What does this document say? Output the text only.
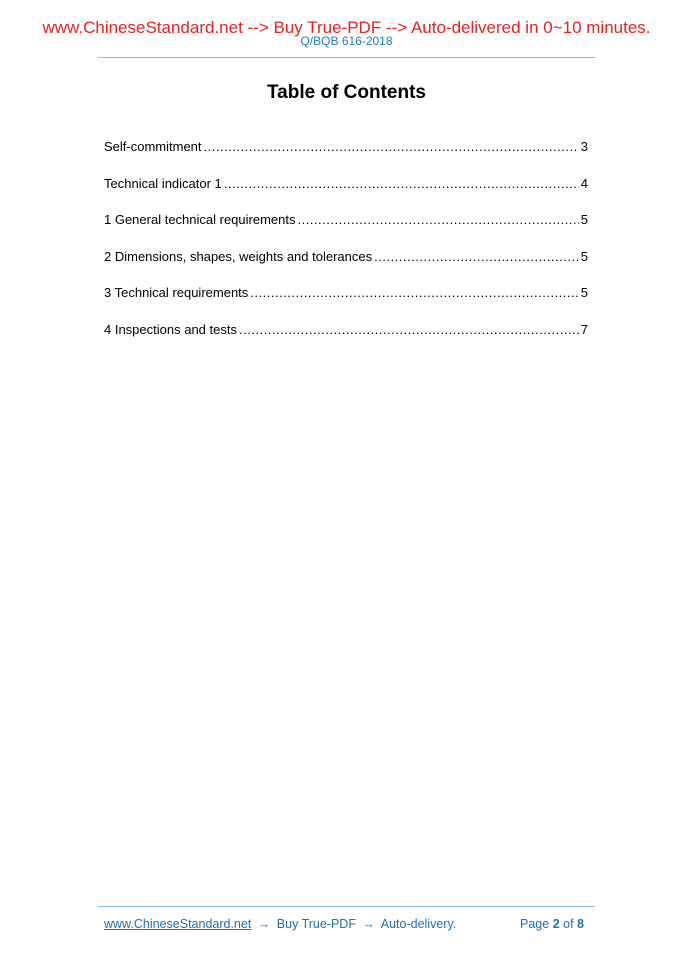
www.ChineseStandard.net --> Buy True-PDF --> Auto-delivered in 0~10 minutes.
Q/BQB 616-2018
Table of Contents
Self-commitment .....	3
Technical indicator 1 .....	4
1 General technical requirements .....	5
2 Dimensions, shapes, weights and tolerances .....	5
3 Technical requirements .....	5
4 Inspections and tests .....	7
www.ChineseStandard.net → Buy True-PDF → Auto-delivery.	Page 2 of 8
